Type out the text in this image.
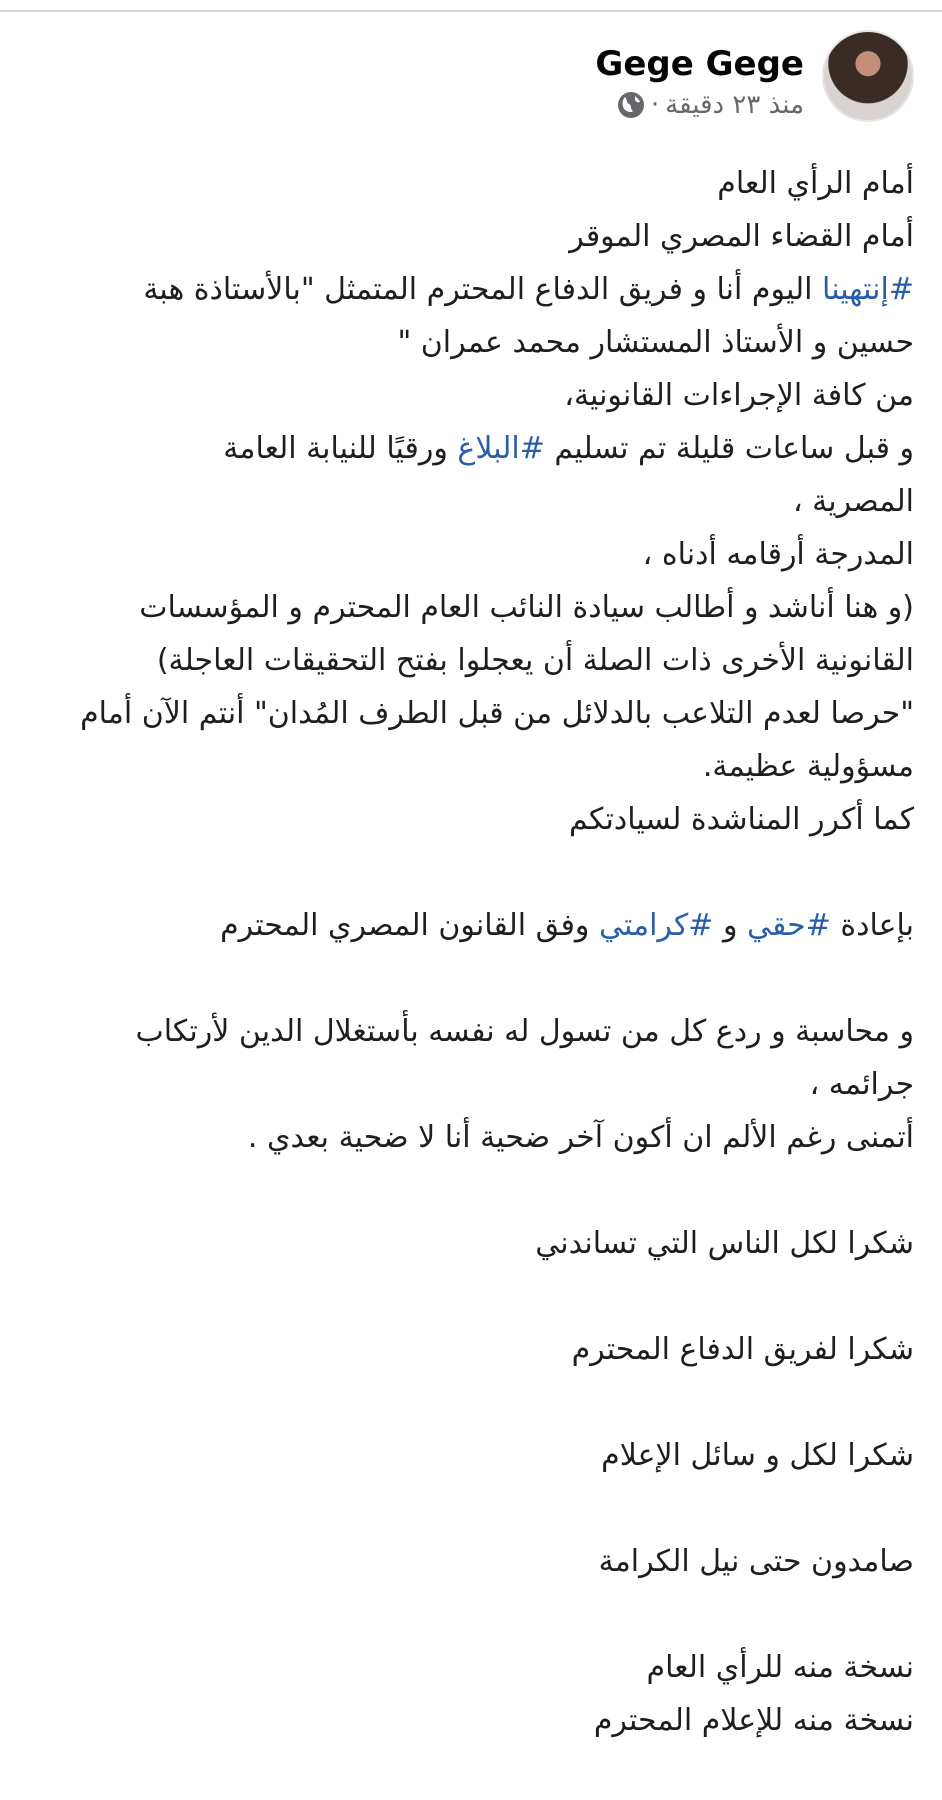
Gege Gege
منذ ٢٣ دقيقة
·
أمام الرأي العام
أمام القضاء المصري الموقر
#إنتهينا اليوم أنا و فريق الدفاع المحترم المتمثل "بالأستاذة هبة
حسين و الأستاذ المستشار محمد عمران "
من كافة الإجراءات القانونية،
و قبل ساعات قليلة تم تسليم #البلاغ ورقيًا للنيابة العامة
المصرية ،
المدرجة أرقامه أدناه ،
(و هنا أناشد و أطالب سيادة النائب العام المحترم و المؤسسات
القانونية الأخرى ذات الصلة أن يعجلوا بفتح التحقيقات العاجلة)
"حرصا لعدم التلاعب بالدلائل من قبل الطرف المُدان" أنتم الآن أمام
مسؤولية عظيمة.
كما أكرر المناشدة لسيادتكم
بإعادة #حقي و #كرامتي وفق القانون المصري المحترم
و محاسبة و ردع كل من تسول له نفسه بأستغلال الدين لأرتكاب
جرائمه ،
أتمنى رغم الألم ان أكون آخر ضحية أنا لا ضحية بعدي .
شكرا لكل الناس التي تساندني
شكرا لفريق الدفاع المحترم
شكرا لكل و سائل الإعلام
صامدون حتى نيل الكرامة
نسخة منه للرأي العام
نسخة منه للإعلام المحترم
